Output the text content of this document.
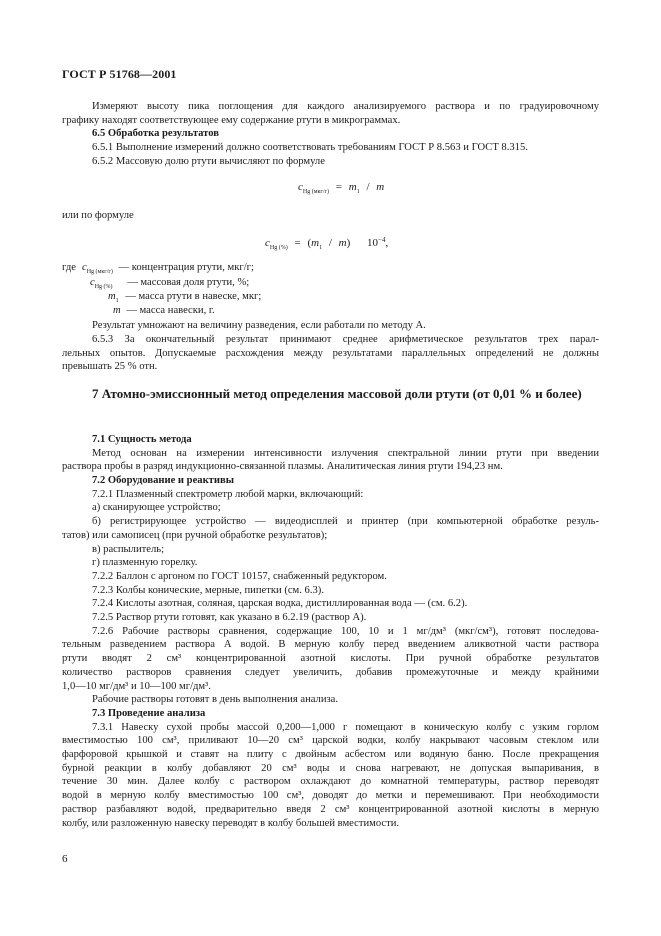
ГОСТ Р 51768—2001
Измеряют высоту пика поглощения для каждого анализируемого раствора и по градуировочному
графику находят соответствующее ему содержание ртути в микрограммах.
6.5 Обработка результатов
6.5.1 Выполнение измерений должно соответствовать требованиям ГОСТ Р 8.563 и ГОСТ 8.315.
6.5.2 Массовую долю ртути вычисляют по формуле
$c_{Hg (мкг/г)} = m_1 / m$
или по формуле
$c_{Hg (\%)} = (m_1 / m)$ $10^{-4}$,
где $c_{Hg (мкг/г)}$ — концентрация ртути, мкг/г;
$c_{Hg (\%)}$ — массовая доля ртути, %;
$m_1$ — масса ртути в навеске, мкг;
m — масса навески, г.
Результат умножают на величину разведения, если работали по методу А.
6.5.3 За окончательный результат принимают среднее арифметическое результатов трех парал-
лельных опытов. Допускаемые расхождения между результатами параллельных определений не должны
превышать 25 % отн.
7 Атомно-эмиссионный метод определения массовой доли ртути (от 0,01 % и более)
7.1 Сущность метода
Метод основан на измерении интенсивности излучения спектральной линии ртути при введении
раствора пробы в разряд индукционно-связанной плазмы. Аналитическая линия ртути 194,23 нм.
7.2 Оборудование и реактивы
7.2.1 Плазменный спектрометр любой марки, включающий:
а) сканирующее устройство;
б) регистрирующее устройство — видеодисплей и принтер (при компьютерной обработке резуль-
татов) или самописец (при ручной обработке результатов);
в) распылитель;
г) плазменную горелку.
7.2.2 Баллон с аргоном по ГОСТ 10157, снабженный редуктором.
7.2.3 Колбы конические, мерные, пипетки (см. 6.3).
7.2.4 Кислоты азотная, соляная, царская водка, дистиллированная вода — (см. 6.2).
7.2.5 Раствор ртути готовят, как указано в 6.2.19 (раствор А).
7.2.6 Рабочие растворы сравнения, содержащие 100, 10 и 1 мг/дм³ (мкг/см³), готовят последова-
тельным разведением раствора А водой. В мерную колбу перед введением аликвотной части раствора
ртути вводят 2 см³ концентрированной азотной кислоты. При ручной обработке результатов
количество растворов сравнения следует увеличить, добавив промежуточные и между крайними
1,0—10 мг/дм³ и 10—100 мг/дм³.
Рабочие растворы готовят в день выполнения анализа.
7.3 Проведение анализа
7.3.1 Навеску сухой пробы массой 0,200—1,000 г помещают в коническую колбу с узким горлом
вместимостью 100 см³, приливают 10—20 см³ царской водки, колбу накрывают часовым стеклом или
фарфоровой крышкой и ставят на плиту с двойным асбестом или водяную баню. После прекращения
бурной реакции в колбу добавляют 20 см³ воды и снова нагревают, не допуская выпаривания, в
течение 30 мин. Далее колбу с раствором охлаждают до комнатной температуры, раствор переводят
водой в мерную колбу вместимостью 100 см³, доводят до метки и перемешивают. При необходимости
раствор разбавляют водой, предварительно введя 2 см³ концентрированной азотной кислоты в мерную
колбу, или разложенную навеску переводят в колбу большей вместимости.
6
